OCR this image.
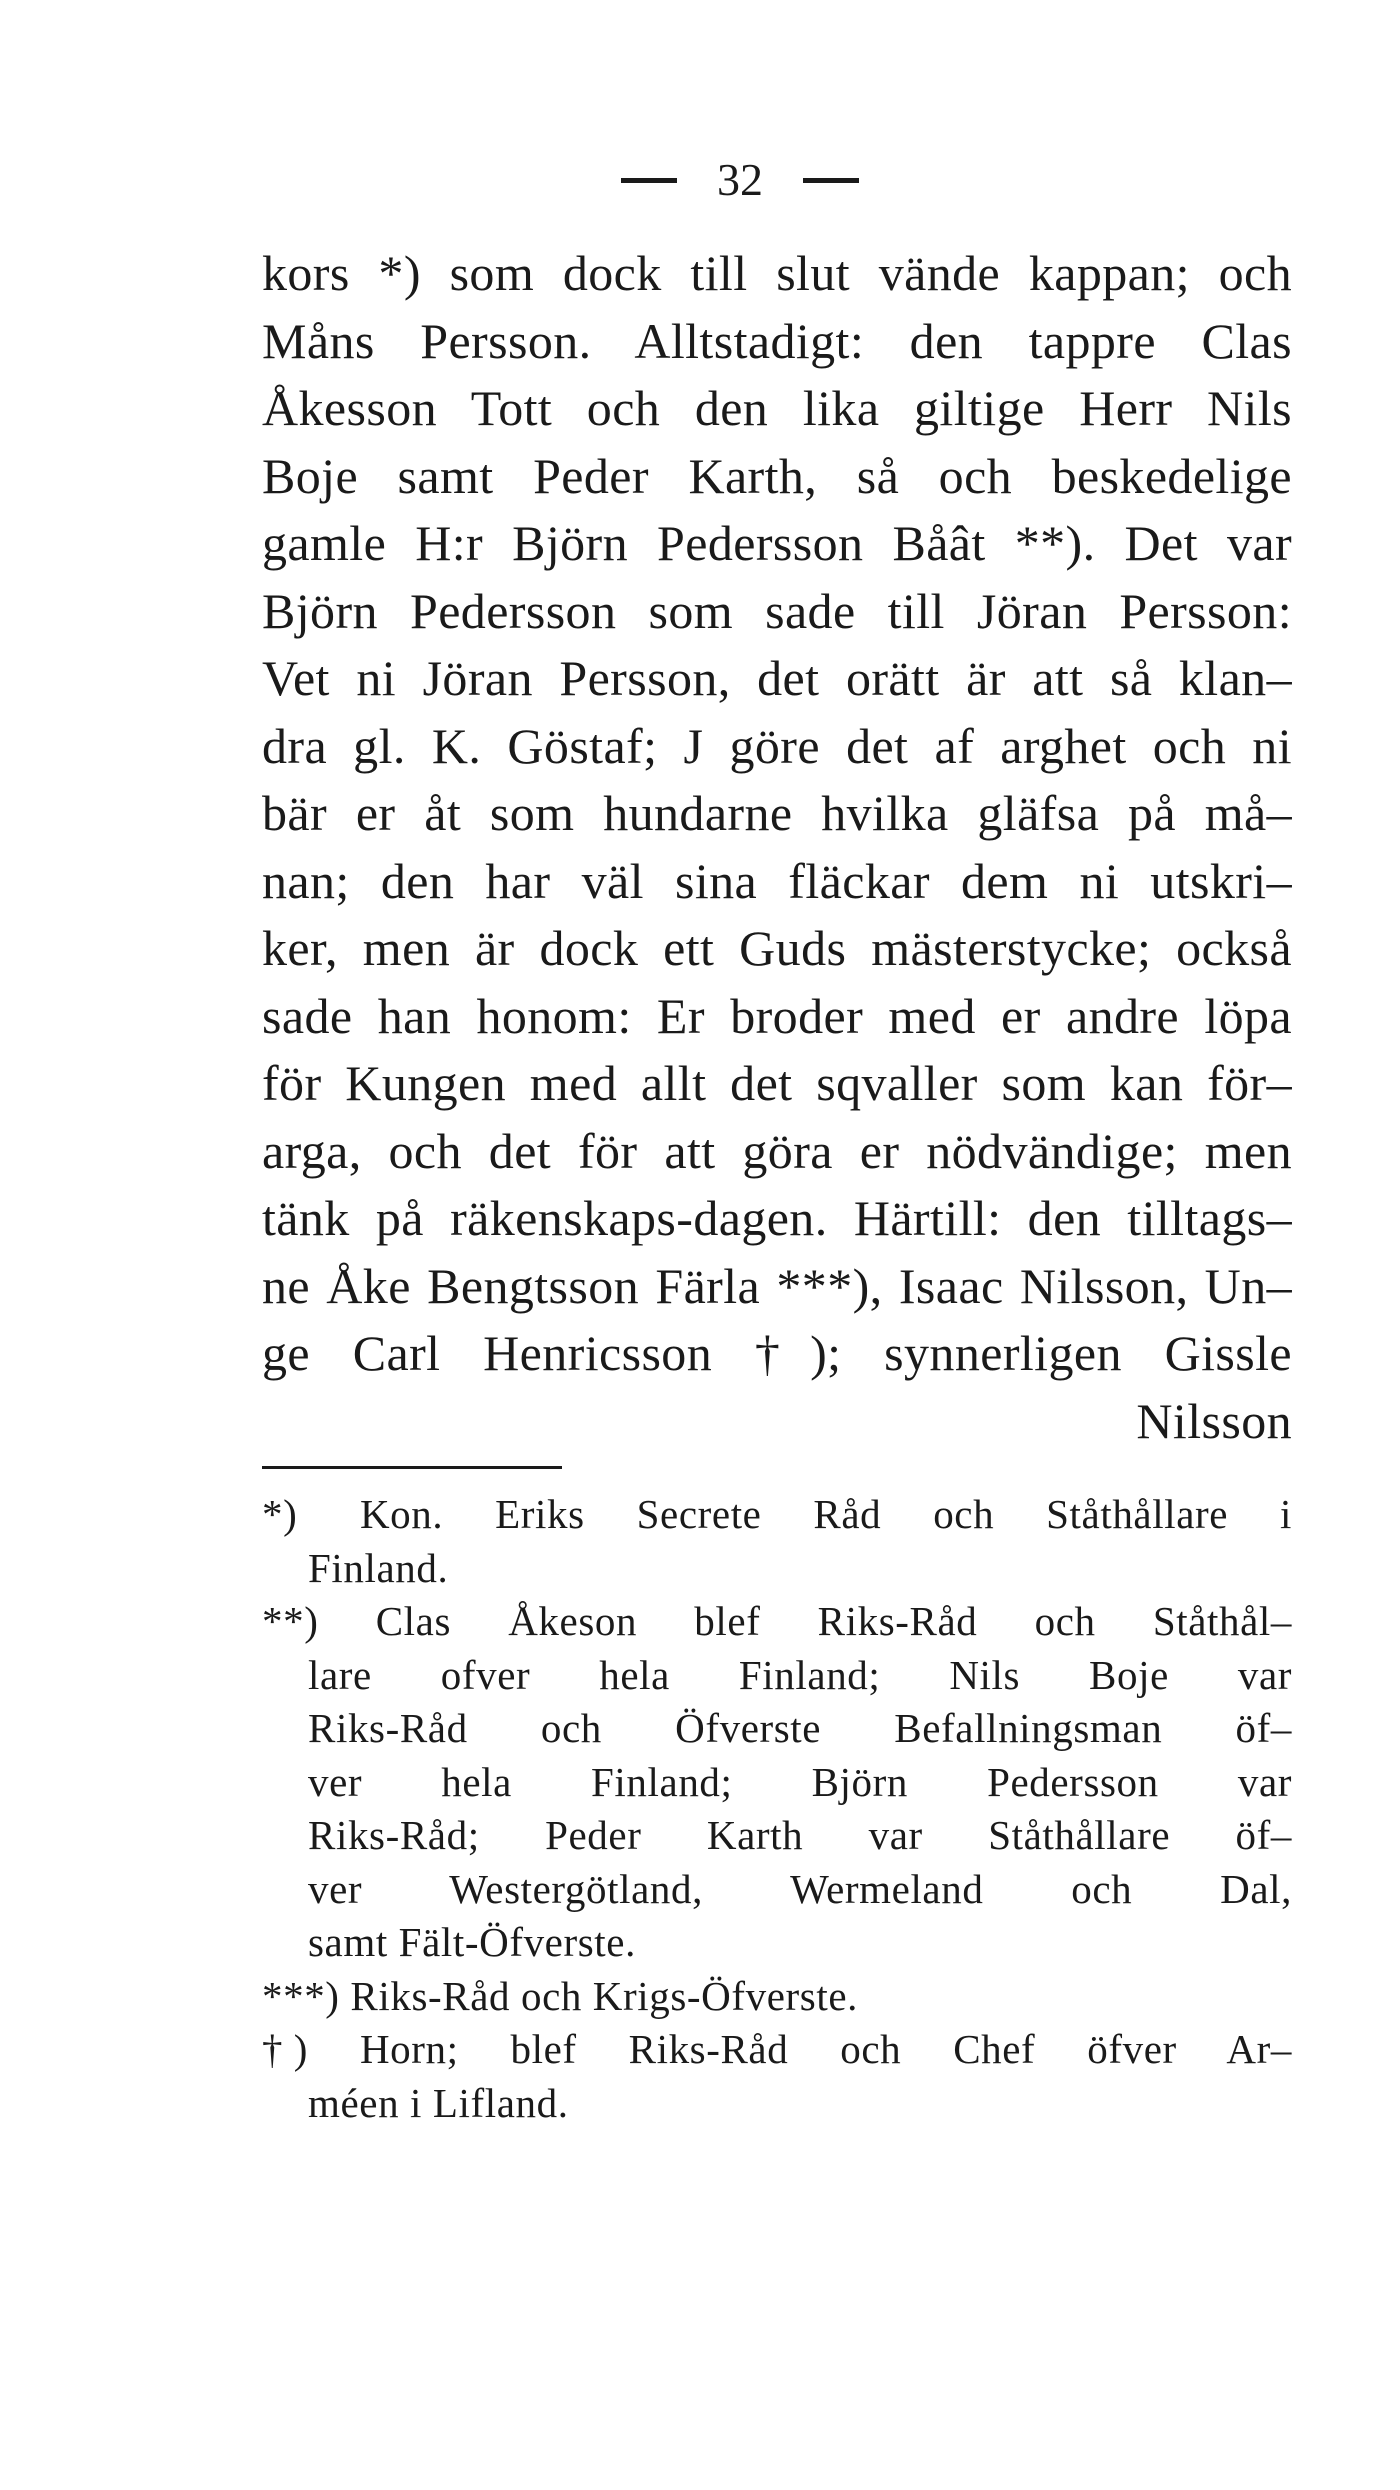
32
kors *) som dock till slut vände kappan; och
Måns Persson. Alltstadigt: den tappre Clas
Åkesson Tott och den lika giltige Herr Nils
Boje samt Peder Karth, så och beskedelige
gamle H:r Björn Pedersson Båât **). Det var
Björn Pedersson som sade till Jöran Persson:
Vet ni Jöran Persson, det orätt är att så klan–
dra gl. K. Göstaf; J göre det af arghet och ni
bär er åt som hundarne hvilka gläfsa på må–
nan; den har väl sina fläckar dem ni utskri–
ker, men är dock ett Guds mästerstycke; också
sade han honom: Er broder med er andre löpa
för Kungen med allt det sqvaller som kan för–
arga, och det för att göra er nödvändige; men
tänk på räkenskaps-dagen. Härtill: den tilltags–
ne Åke Bengtsson Färla ***), Isaac Nilsson, Un–
ge Carl Henricsson †); synnerligen Gissle
Nilsson
*) Kon. Eriks Secrete Råd och Ståthållare i
Finland.
**) Clas Åkeson blef Riks-Råd och Ståthål–
lare ofver hela Finland; Nils Boje var
Riks-Råd och Öfverste Befallningsman öf–
ver hela Finland; Björn Pedersson var
Riks-Råd; Peder Karth var Ståthållare öf–
ver Westergötland, Wermeland och Dal,
samt Fält-Öfverste.
***) Riks-Råd och Krigs-Öfverste.
†) Horn; blef Riks-Råd och Chef öfver Ar–
méen i Lifland.
